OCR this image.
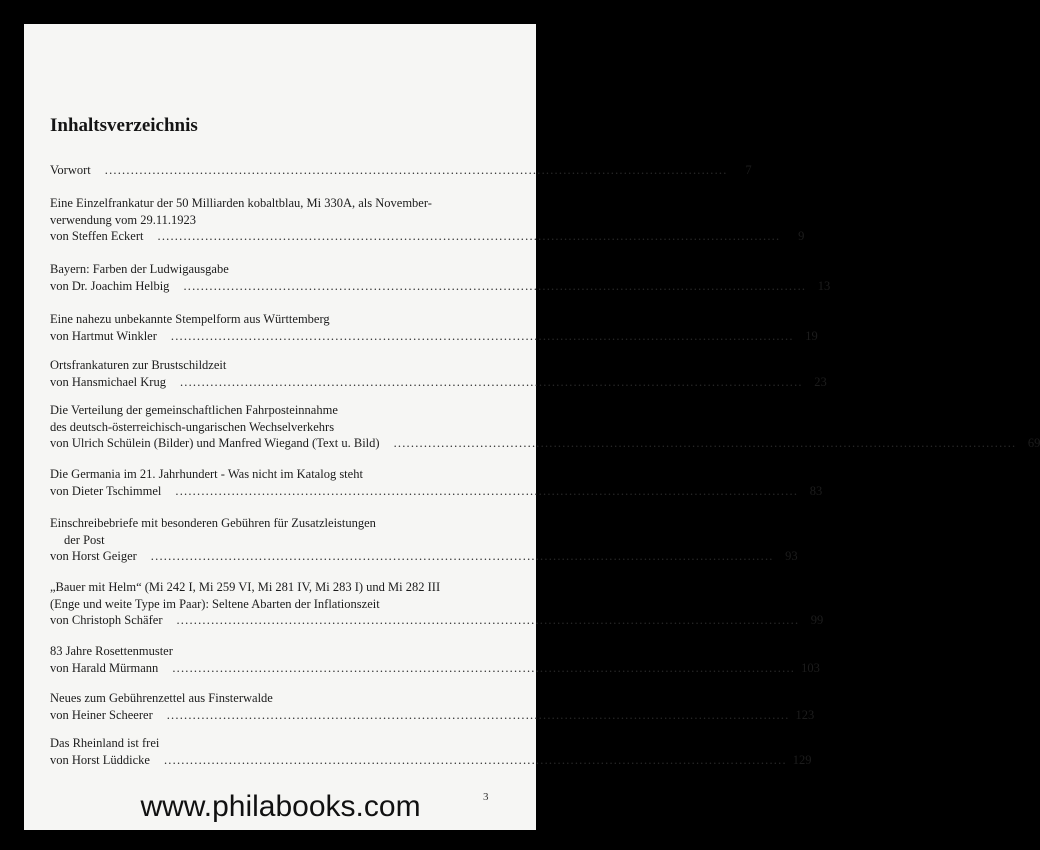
Inhaltsverzeichnis
Vorwort ................................................................................................................................................	7
Eine Einzelfrankatur der 50 Milliarden kobaltblau, Mi 330A, als November-
verwendung vom 29.11.1923
von Steffen Eckert ................................................................................................................................................	9
Bayern: Farben der Ludwigausgabe
von Dr. Joachim Helbig ................................................................................................................................................ 13
Eine nahezu unbekannte Stempelform aus Württemberg
von Hartmut Winkler ................................................................................................................................................ 19
Ortsfrankaturen zur Brustschildzeit
von Hansmichael Krug ................................................................................................................................................ 23
Die Verteilung der gemeinschaftlichen Fahrposteinnahme
des deutsch-österreichisch-ungarischen Wechselverkehrs
von Ulrich Schülein (Bilder) und Manfred Wiegand (Text u. Bild) ................................................................................................................................................ 69
Die Germania im 21. Jahrhundert - Was nicht im Katalog steht
von Dieter Tschimmel ................................................................................................................................................ 83
Einschreibebriefe mit besonderen Gebühren für Zusatzleistungen
der Post
von Horst Geiger ................................................................................................................................................ 93
„Bauer mit Helm“ (Mi 242 I, Mi 259 VI, Mi 281 IV, Mi 283 I) und Mi 282 III
(Enge und weite Type im Paar): Seltene Abarten der Inflationszeit
von Christoph Schäfer ................................................................................................................................................ 99
83 Jahre Rosettenmuster
von Harald Mürmann ................................................................................................................................................ 103
Neues zum Gebührenzettel aus Finsterwalde
von Heiner Scheerer ................................................................................................................................................ 123
Das Rheinland ist frei
von Horst Lüddicke ................................................................................................................................................ 129
3
www.philabooks.com
